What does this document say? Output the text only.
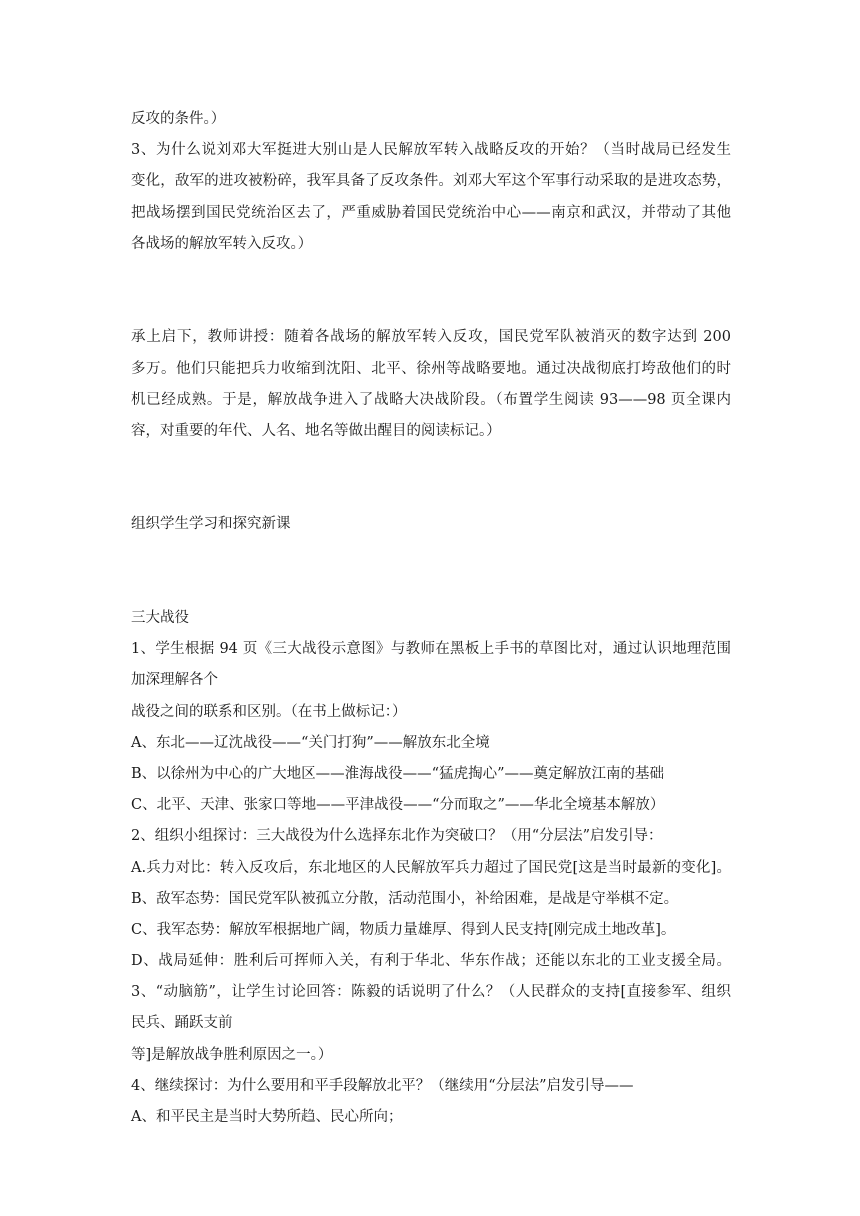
反攻的条件。）
3、为什么说刘邓大军挺进大别山是人民解放军转入战略反攻的开始？（当时战局已经发生
变化，敌军的进攻被粉碎，我军具备了反攻条件。刘邓大军这个军事行动采取的是进攻态势，
把战场摆到国民党统治区去了，严重威胁着国民党统治中心——南京和武汉，并带动了其他
各战场的解放军转入反攻。）
承上启下，教师讲授：随着各战场的解放军转入反攻，国民党军队被消灭的数字达到 200
多万。他们只能把兵力收缩到沈阳、北平、徐州等战略要地。通过决战彻底打垮敌他们的时
机已经成熟。于是，解放战争进入了战略大决战阶段。（布置学生阅读 93——98 页全课内
容，对重要的年代、人名、地名等做出醒目的阅读标记。）
组织学生学习和探究新课
三大战役
1、学生根据 94 页《三大战役示意图》与教师在黑板上手书的草图比对，通过认识地理范围
加深理解各个
战役之间的联系和区别。（在书上做标记：）
A、东北——辽沈战役——“关门打狗”——解放东北全境
B、以徐州为中心的广大地区——淮海战役——“猛虎掏心”——奠定解放江南的基础
C、北平、天津、张家口等地——平津战役——“分而取之”——华北全境基本解放）
2、组织小组探讨：三大战役为什么选择东北作为突破口？（用“分层法”启发引导：
A.兵力对比：转入反攻后，东北地区的人民解放军兵力超过了国民党[这是当时最新的变化]。
B、敌军态势：国民党军队被孤立分散，活动范围小，补给困难，是战是守举棋不定。
C、我军态势：解放军根据地广阔，物质力量雄厚、得到人民支持[刚完成土地改革]。
D、战局延伸：胜利后可挥师入关，有利于华北、华东作战；还能以东北的工业支援全局。
3、“动脑筋”，让学生讨论回答：陈毅的话说明了什么？（人民群众的支持[直接参军、组织
民兵、踊跃支前
等]是解放战争胜利原因之一。）
4、继续探讨：为什么要用和平手段解放北平？（继续用“分层法”启发引导——
A、和平民主是当时大势所趋、民心所向；
